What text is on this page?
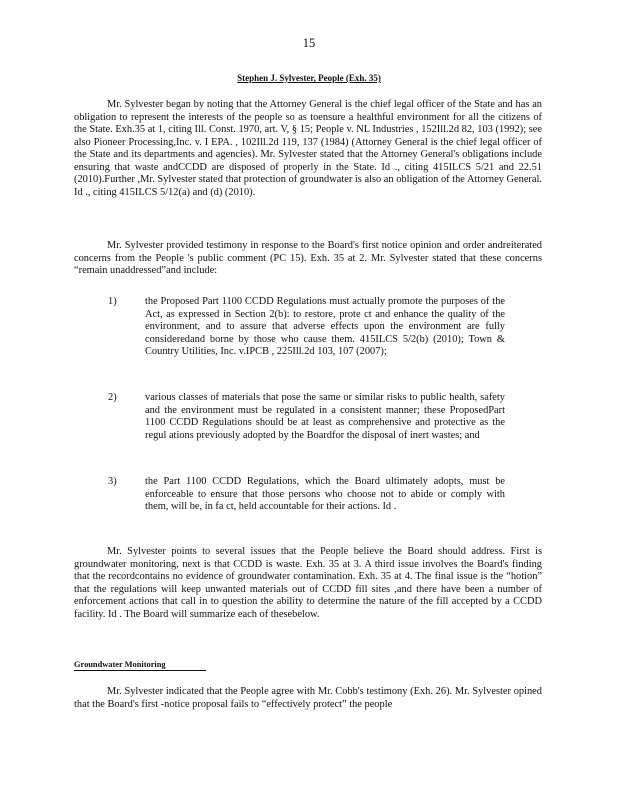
15
Stephen J. Sylvester, People (Exh. 35)
Mr. Sylvester began by noting that the Attorney General is the chief legal officer of the State and has an obligation to represent the interests of the people so as toensure a healthful environment for all the citizens of the State. Exh.35 at 1, citing Ill. Const. 1970, art. V, § 15; People v. NL Industries , 152Ill.2d 82, 103 (1992); see also Pioneer Processing,Inc. v. I EPA. , 102Ill.2d 119, 137 (1984) (Attorney General is the chief legal officer of the State and its departments and agencies). Mr. Sylvester stated that the Attorney General's obligations include ensuring that waste andCCDD are disposed of properly in the State. Id ., citing 415ILCS 5/21 and 22.51 (2010).Further ,Mr. Sylvester stated that protection of groundwater is also an obligation of the Attorney General. Id ., citing 415ILCS 5/12(a) and (d) (2010).
Mr. Sylvester provided testimony in response to the Board's first notice opinion and order andreiterated concerns from the People 's public comment (PC 15). Exh. 35 at 2. Mr. Sylvester stated that these concerns “remain unaddressed”and include:
1)	the Proposed Part 1100 CCDD Regulations must actually promote the purposes of the Act, as expressed in Section 2(b): to restore, prote ct and enhance the quality of the environment, and to assure that adverse effects upon the environment are fully consideredand borne by those who cause them. 415ILCS 5/2(b) (2010); Town & Country Utilities, Inc. v.IPCB , 225Ill.2d 103, 107 (2007);
2)	various classes of materials that pose the same or similar risks to public health, safety and the environment must be regulated in a consistent manner; these ProposedPart 1100 CCDD Regulations should be at least as comprehensive and protective as the regul ations previously adopted by the Boardfor the disposal of inert wastes; and
3)	the Part 1100 CCDD Regulations, which the Board ultimately adopts, must be enforceable to ensure that those persons who choose not to abide or comply with them, will be, in fa ct, held accountable for their actions. Id .
Mr. Sylvester points to several issues that the People believe the Board should address. First is groundwater monitoring, next is that CCDD is waste. Exh. 35 at 3. A third issue involves the Board's finding that the recordcontains no evidence of groundwater contamination. Exh. 35 at 4. The final issue is the “hotion” that the regulations will keep unwanted materials out of CCDD fill sites ,and there have been a number of enforcement actions that call in to question the ability to determine the nature of the fill accepted by a CCDD facility. Id . The Board will summarize each of thesebelow.
Groundwater Monitoring
Mr. Sylvester indicated that the People agree with Mr. Cobb's testimony (Exh. 26). Mr. Sylvester opined that the Board's first -notice proposal fails to “effectively protect” the people
